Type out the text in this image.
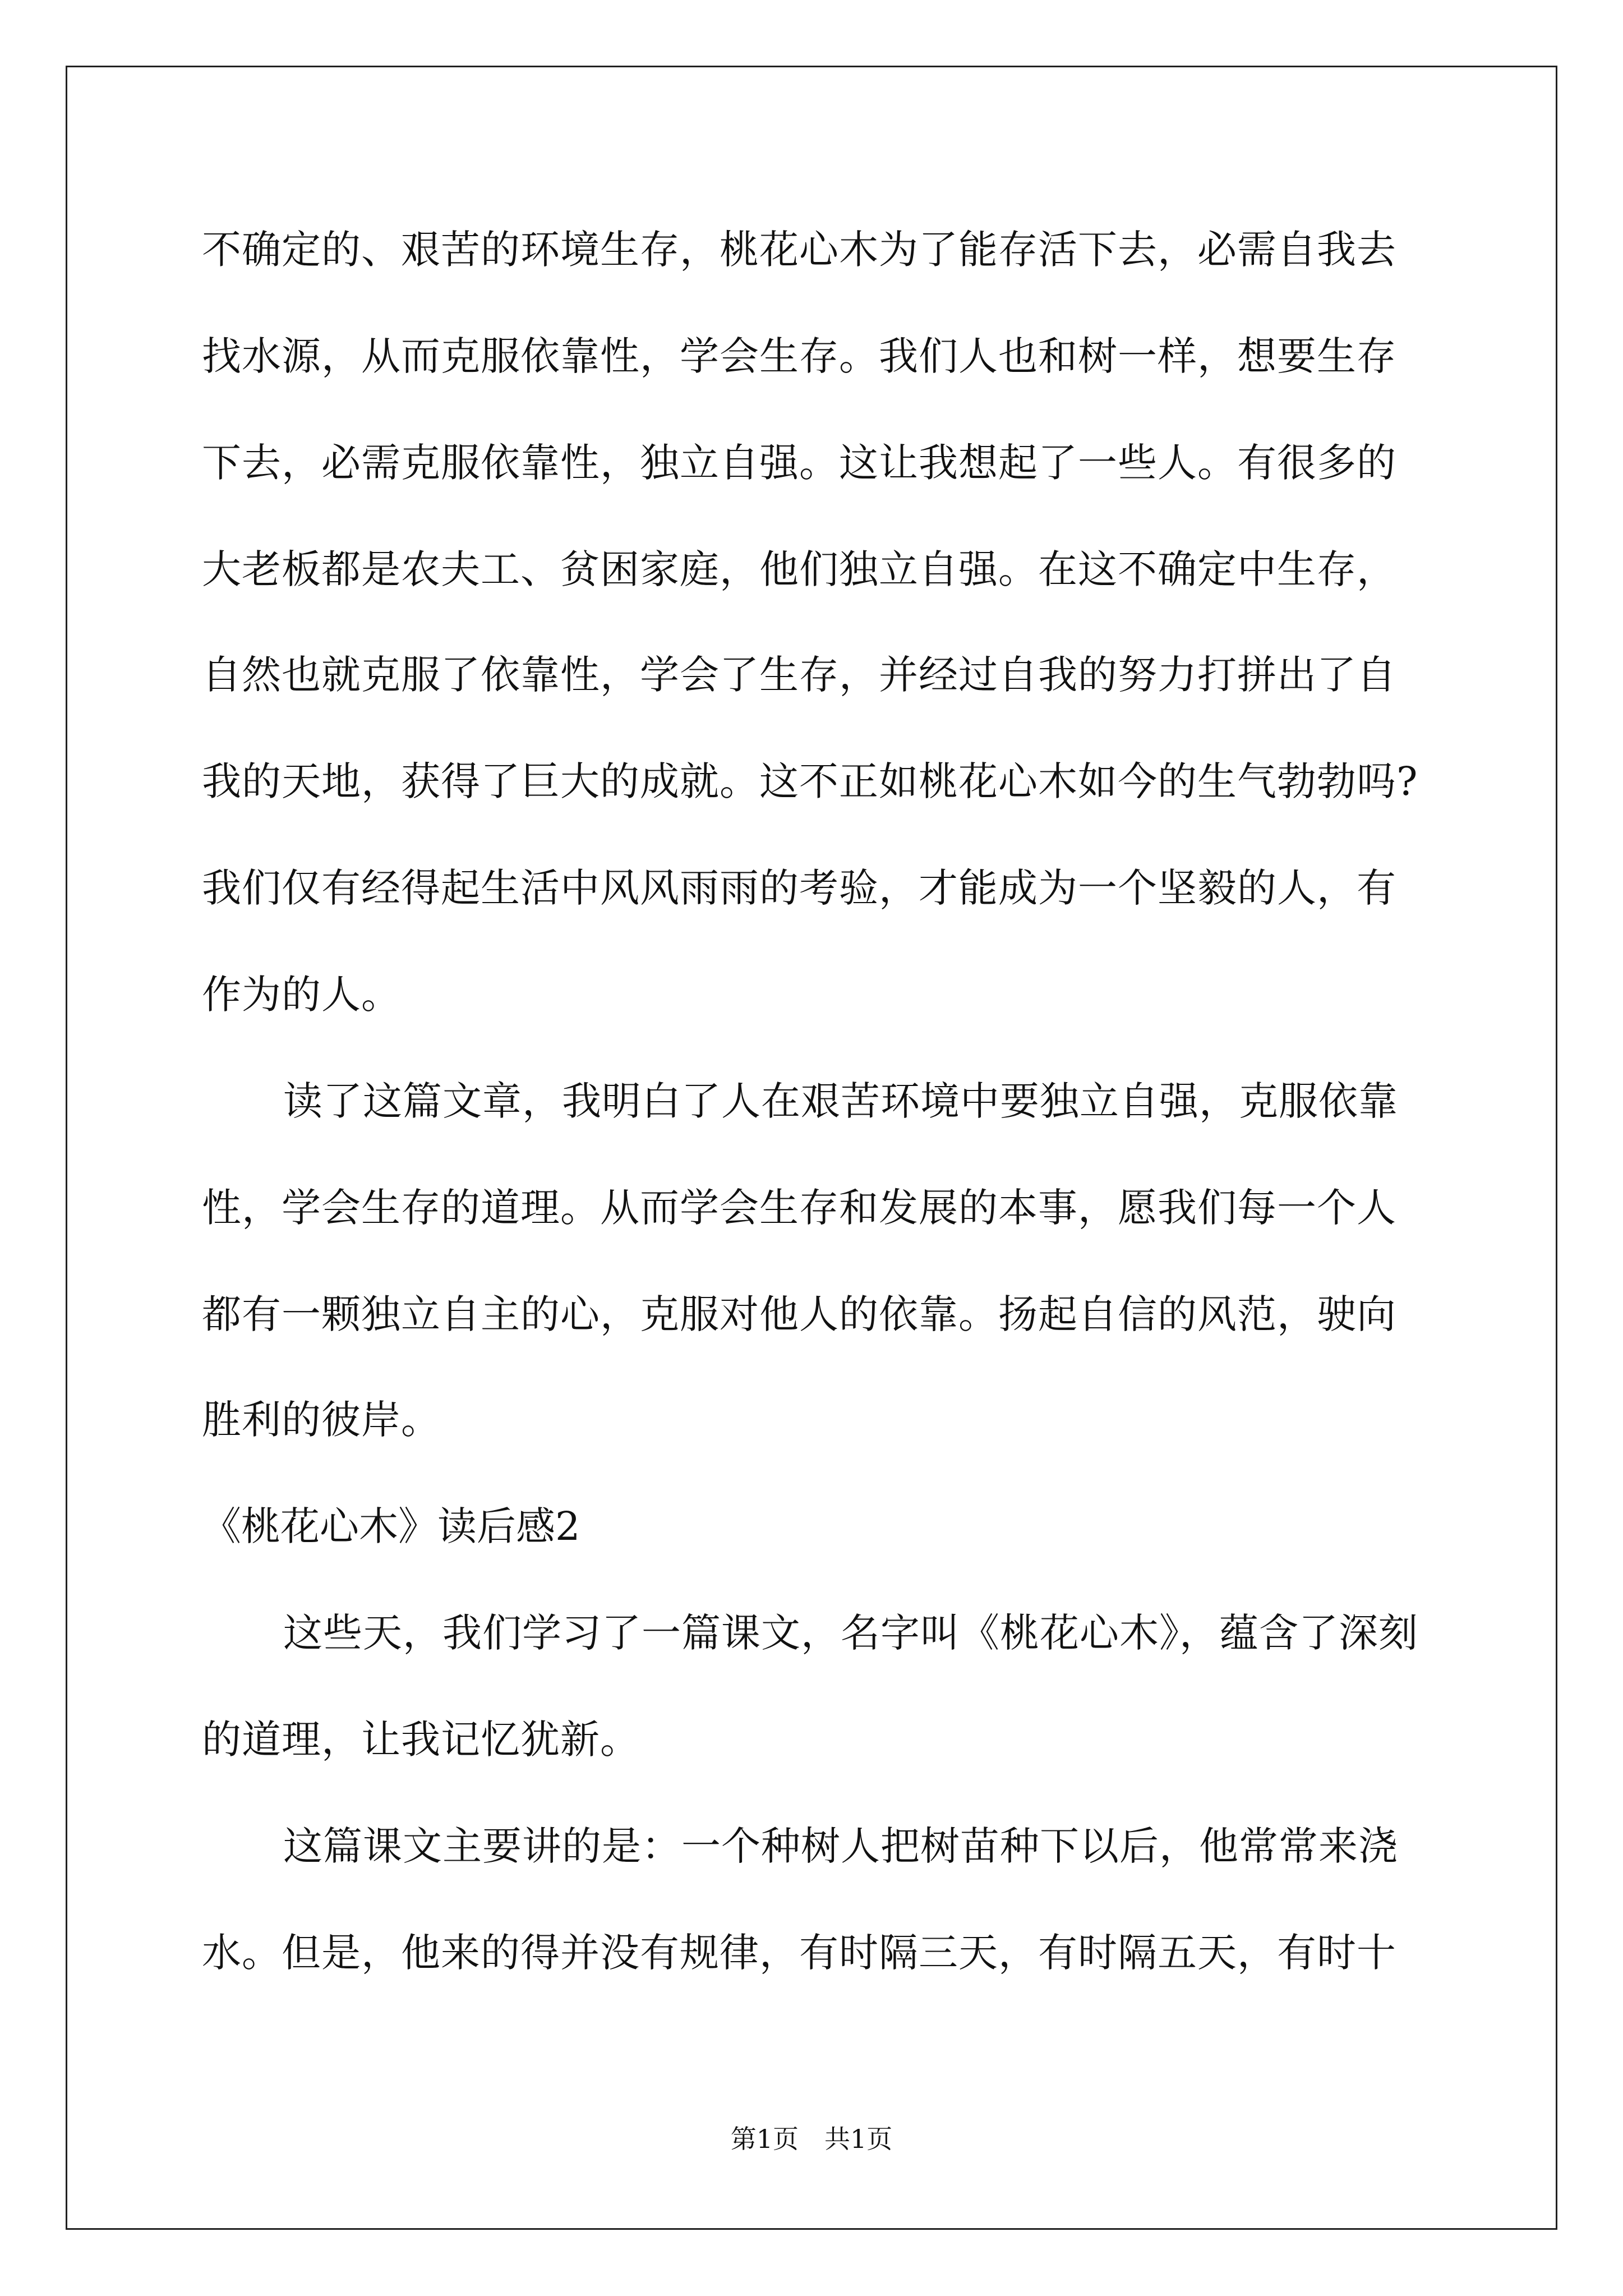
不确定的、艰苦的环境生存，桃花心木为了能存活下去，必需自我去
找水源，从而克服依靠性，学会生存。我们人也和树一样，想要生存
下去，必需克服依靠性，独立自强。这让我想起了一些人。有很多的
大老板都是农夫工、贫困家庭，他们独立自强。在这不确定中生存，
自然也就克服了依靠性，学会了生存，并经过自我的努力打拼出了自
我的天地，获得了巨大的成就。这不正如桃花心木如今的生气勃勃吗?
我们仅有经得起生活中风风雨雨的考验，才能成为一个坚毅的人，有
作为的人。
读了这篇文章，我明白了人在艰苦环境中要独立自强，克服依靠
性，学会生存的道理。从而学会生存和发展的本事，愿我们每一个人
都有一颗独立自主的心，克服对他人的依靠。扬起自信的风范，驶向
胜利的彼岸。
《桃花心木》读后感2
这些天，我们学习了一篇课文，名字叫《桃花心木》，蕴含了深刻
的道理，让我记忆犹新。
这篇课文主要讲的是：一个种树人把树苗种下以后，他常常来浇
水。但是，他来的得并没有规律，有时隔三天，有时隔五天，有时十
第1页　共1页
